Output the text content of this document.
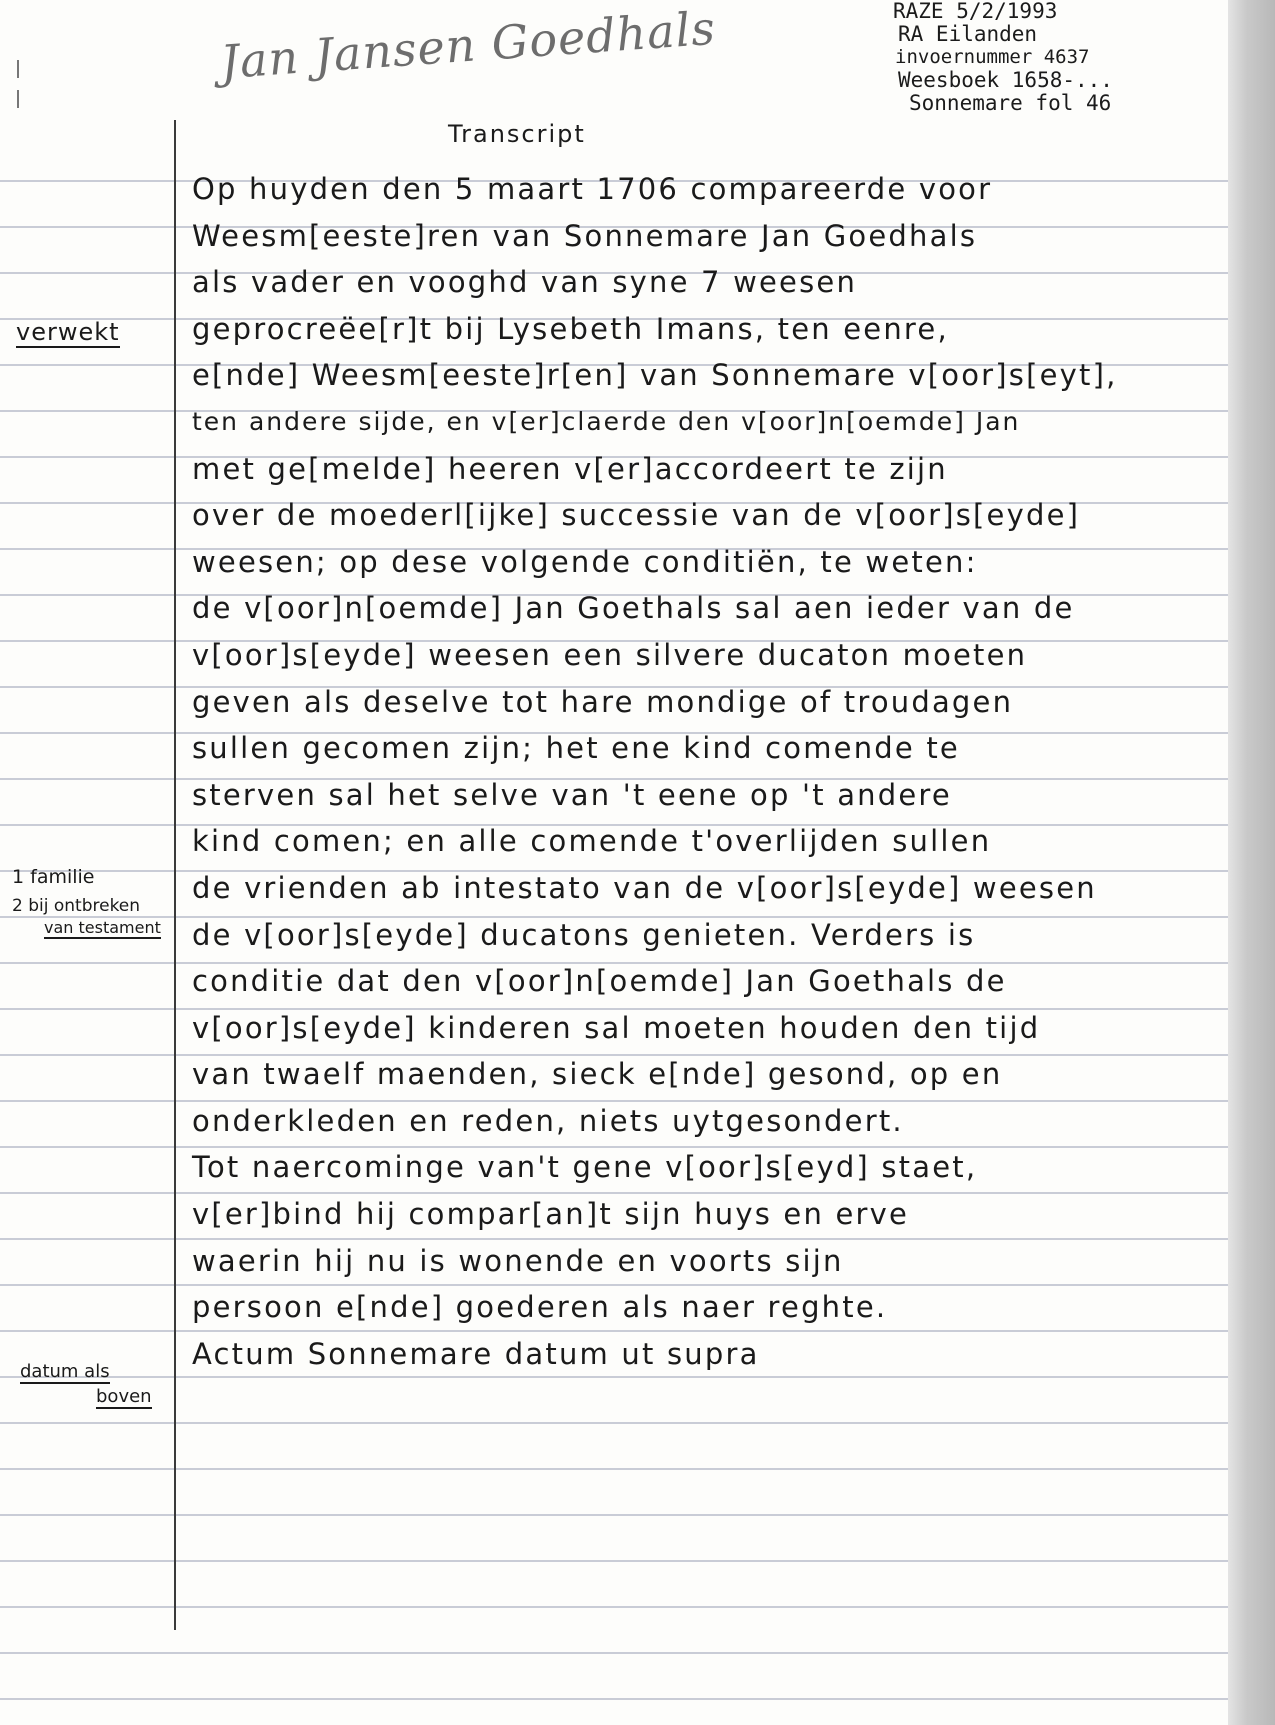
Jan Jansen Goedhals	RAZE 5/2/1993
RA Eilanden
invoernummer 4637
Weesboek 1658-...
Sonnemare fol 46
Transcript
Op huyden den 5 maart 1706 compareerde voor
Weesm[eeste]ren van Sonnemare Jan Goedhals
als vader en vooghd van syne 7 weesen
geprocreëe[r]t bij Lysebeth Imans, ten eenre,
e[nde] Weesm[eeste]r[en] van Sonnemare v[oor]s[eyt],
ten andere sijde, en v[er]claerde den v[oor]n[oemde] Jan
met ge[melde] heeren v[er]accordeert te zijn
over de moederl[ijke] successie van de v[oor]s[eyde]
weesen; op dese volgende conditiën, te weten:
de v[oor]n[oemde] Jan Goethals sal aen ieder van de
v[oor]s[eyde] weesen een silvere ducaton moeten
geven als deselve tot hare mondige of troudagen
sullen gecomen zijn; het ene kind comende te
sterven sal het selve van 't eene op 't andere
kind comen; en alle comende t'overlijden sullen
de vrienden ab intestato van de v[oor]s[eyde] weesen
de v[oor]s[eyde] ducatons genieten. Verders is
conditie dat den v[oor]n[oemde] Jan Goethals de
v[oor]s[eyde] kinderen sal moeten houden den tijd
van twaelf maenden, sieck e[nde] gesond, op en
onderkleden en reden, niets uytgesondert.
Tot naercominge van't gene v[oor]s[eyd] staet,
v[er]bind hij compar[an]t sijn huys en erve
waerin hij nu is wonende en voorts sijn
persoon e[nde] goederen als naer reghte.
Actum Sonnemare datum ut supra
verwekt
1 familie
2 bij ontbreken
van testament
datum als
boven
